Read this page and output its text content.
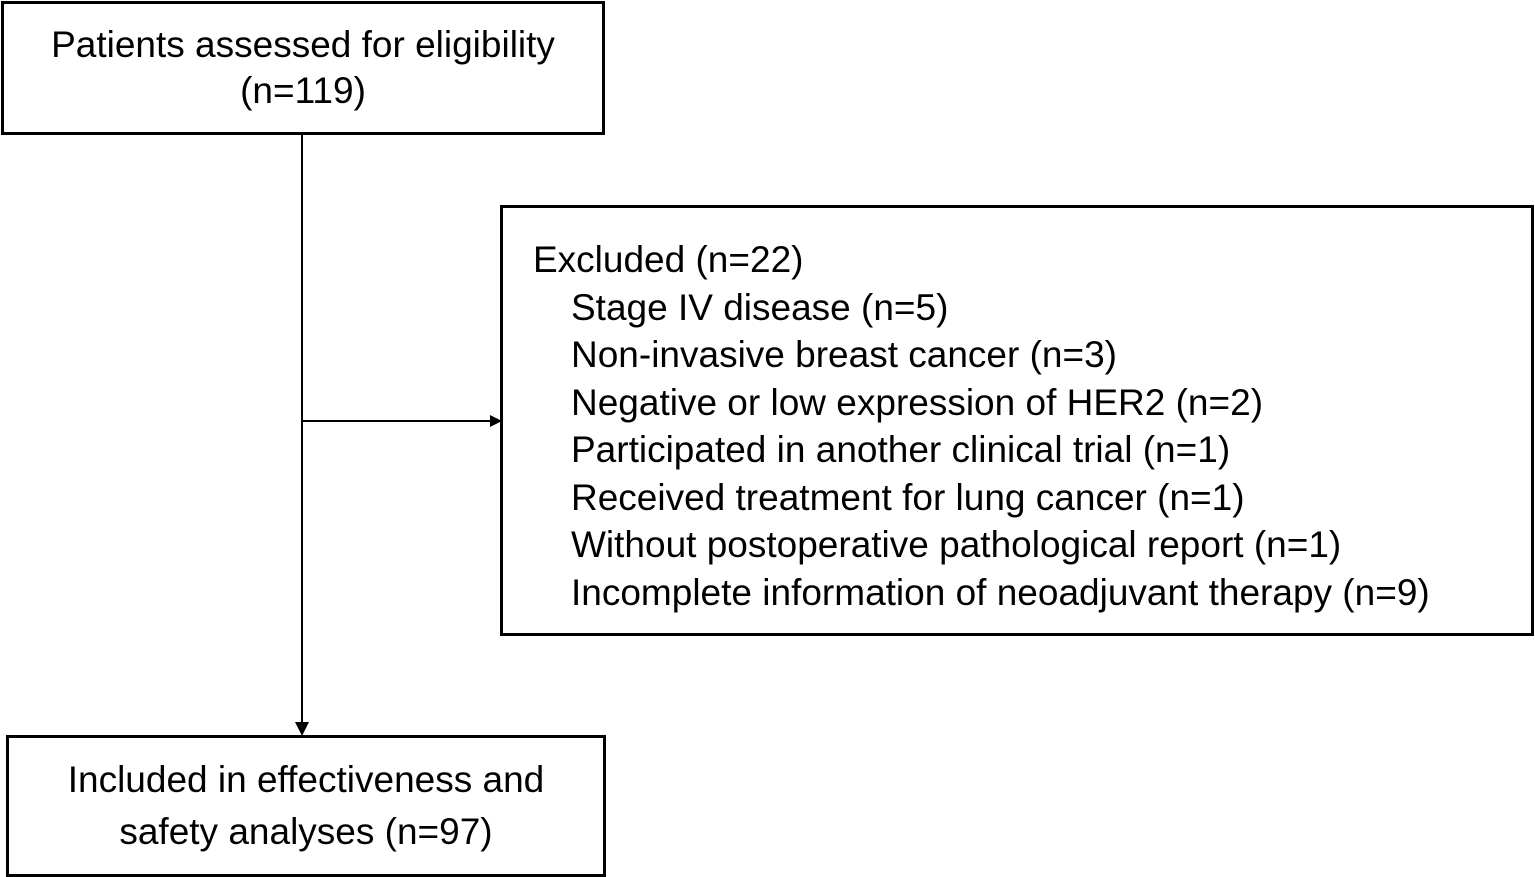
Patients assessed for eligibility
(n=119)
Excluded (n=22)
Stage IV disease (n=5)
Non-invasive breast cancer (n=3)
Negative or low expression of HER2 (n=2)
Participated in another clinical trial (n=1)
Received treatment for lung cancer (n=1)
Without postoperative pathological report (n=1)
Incomplete information of neoadjuvant therapy (n=9)
Included in effectiveness and
safety analyses (n=97)
